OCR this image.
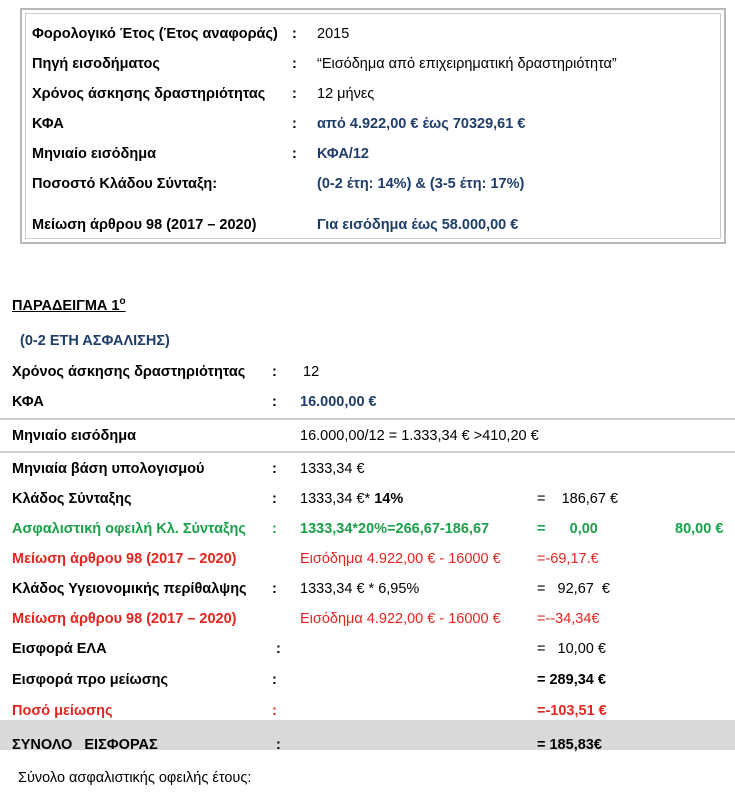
Φορολογικό Έτος (Έτος αναφοράς) : 2015
Πηγή εισοδήματος	: “Εισόδημα από επιχειρηματική δραστηριότητα”
Χρόνος άσκησης δραστηριότητας : 12 μήνες
ΚΦΑ	: από 4.922,00 € έως 70329,61 €
Μηνιαίο εισόδημα	: ΚΦΑ/12
Ποσοστό Κλάδου Σύνταξη:	(0-2 έτη: 14%) & (3-5 έτη: 17%)
Μείωση άρθρου 98 (2017 – 2020)	Για εισόδημα έως 58.000,00 €
ΠΑΡΑΔΕΙΓΜΑ $1^o$
(0-2 ΕΤΗ ΑΣΦΑΛΙΣΗΣ)
Χρόνος άσκησης δραστηριότητας : 12
ΚΦΑ	: 16.000,00 €
Μηνιαίο εισόδημα	16.000,00/12 = 1.333,34 € >410,20 €
Μηνιαία βάση υπολογισμού	: 1333,34 €
Κλάδος Σύνταξης	: 1333,34 €* 14%	=    186,67 €
Ασφαλιστική οφειλή Κλ. Σύνταξης : 1333,34*20%=266,67-186,67	=      0,00	80,00 €
Μείωση άρθρου 98 (2017 – 2020)	Εισόδημα 4.922,00 € - 16000 €	=-69,17.€
Κλάδος Υγειονομικής περίθαλψης : 1333,34 € * 6,95%	=   92,67  €
Μείωση άρθρου 98 (2017 – 2020)	Εισόδημα 4.922,00 € - 16000 €	=--34,34€
Εισφορά ΕΛΑ	:	=   10,00 €
Εισφορά προ μείωσης	:	= 289,34 €
Ποσό μείωσης	:	=-103,51 €
ΣΥΝΟΛΟ   ΕΙΣΦΟΡΑΣ	:	= 185,83€
Σύνολο ασφαλιστικής οφειλής έτους:
